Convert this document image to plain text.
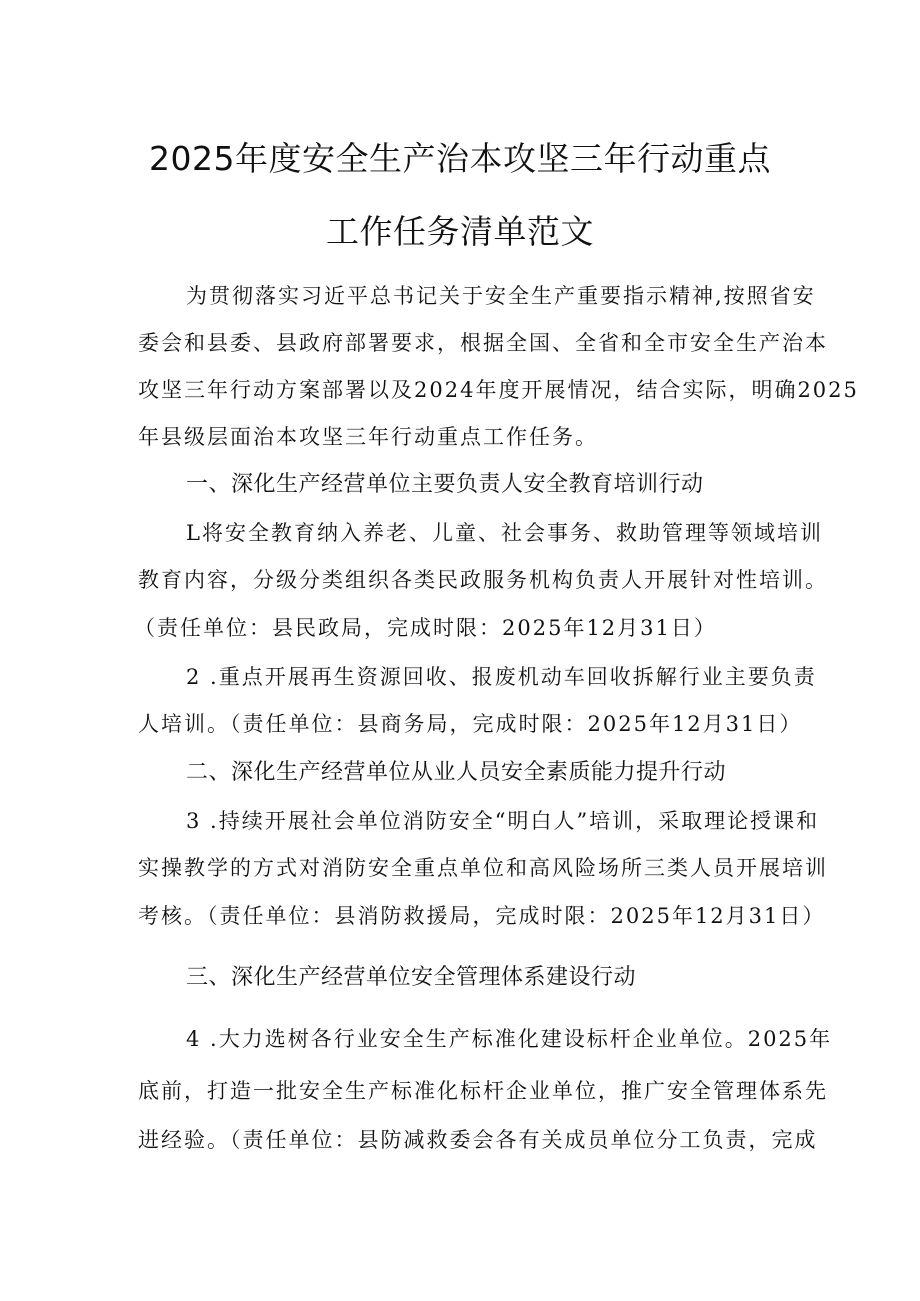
2025年度安全生产治本攻坚三年行动重点
工作任务清单范文
为贯彻落实习近平总书记关于安全生产重要指示精神,按照省安
委会和县委、县政府部署要求，根据全国、全省和全市安全生产治本
攻坚三年行动方案部署以及2024年度开展情况，结合实际，明确2025
年县级层面治本攻坚三年行动重点工作任务。
一、深化生产经营单位主要负责人安全教育培训行动
L将安全教育纳入养老、儿童、社会事务、救助管理等领域培训
教育内容，分级分类组织各类民政服务机构负责人开展针对性培训。
（责任单位：县民政局，完成时限：2025年12月31日）
2 .重点开展再生资源回收、报废机动车回收拆解行业主要负责
人培训。（责任单位：县商务局，完成时限：2025年12月31日）
二、深化生产经营单位从业人员安全素质能力提升行动
3 .持续开展社会单位消防安全“明白人”培训，采取理论授课和
实操教学的方式对消防安全重点单位和高风险场所三类人员开展培训
考核。（责任单位：县消防救援局，完成时限：2025年12月31日）
三、深化生产经营单位安全管理体系建设行动
4 .大力选树各行业安全生产标准化建设标杆企业单位。2025年
底前，打造一批安全生产标准化标杆企业单位，推广安全管理体系先
进经验。（责任单位：县防减救委会各有关成员单位分工负责，完成
